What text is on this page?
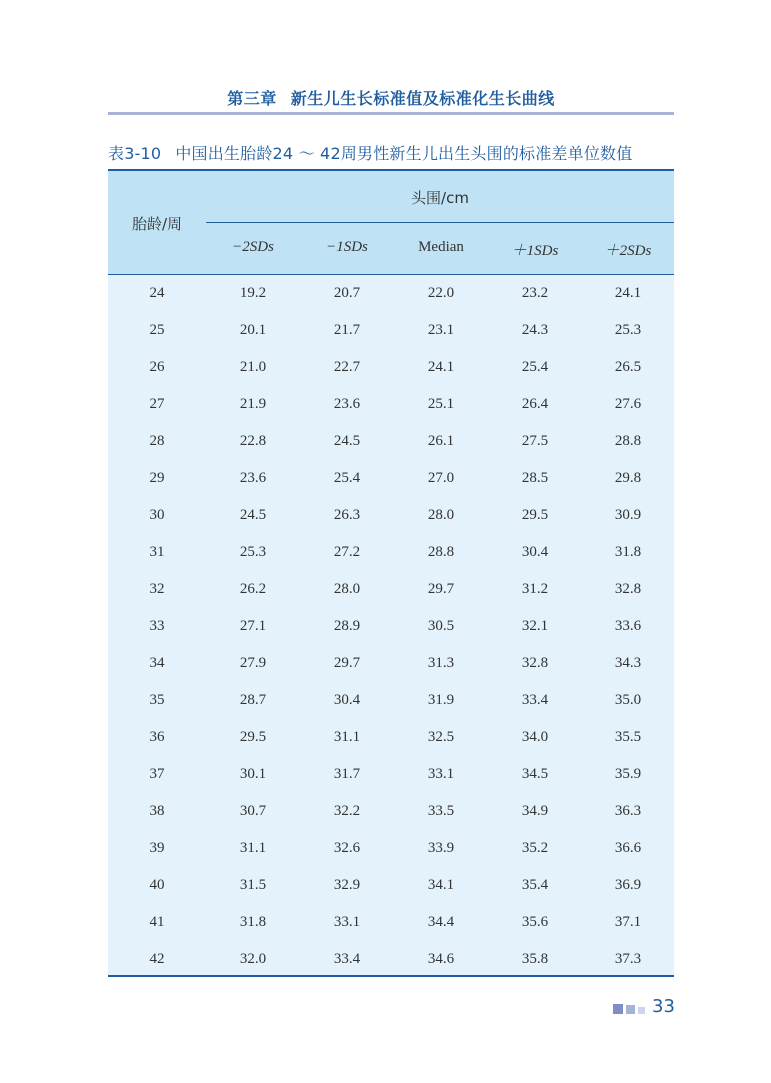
第三章 新生儿生长标准值及标准化生长曲线
表3-10 中国出生胎龄24 ～ 42周男性新生儿出生头围的标准差单位数值
胎龄/周
头围/cm
−2SDs	−1SDs	Median	＋1SDs	＋2SDs
24	19.2	20.7	22.0	23.2	24.1
25	20.1	21.7	23.1	24.3	25.3
26	21.0	22.7	24.1	25.4	26.5
27	21.9	23.6	25.1	26.4	27.6
28	22.8	24.5	26.1	27.5	28.8
29	23.6	25.4	27.0	28.5	29.8
30	24.5	26.3	28.0	29.5	30.9
31	25.3	27.2	28.8	30.4	31.8
32	26.2	28.0	29.7	31.2	32.8
33	27.1	28.9	30.5	32.1	33.6
34	27.9	29.7	31.3	32.8	34.3
35	28.7	30.4	31.9	33.4	35.0
36	29.5	31.1	32.5	34.0	35.5
37	30.1	31.7	33.1	34.5	35.9
38	30.7	32.2	33.5	34.9	36.3
39	31.1	32.6	33.9	35.2	36.6
40	31.5	32.9	34.1	35.4	36.9
41	31.8	33.1	34.4	35.6	37.1
42	32.0	33.4	34.6	35.8	37.3
33
